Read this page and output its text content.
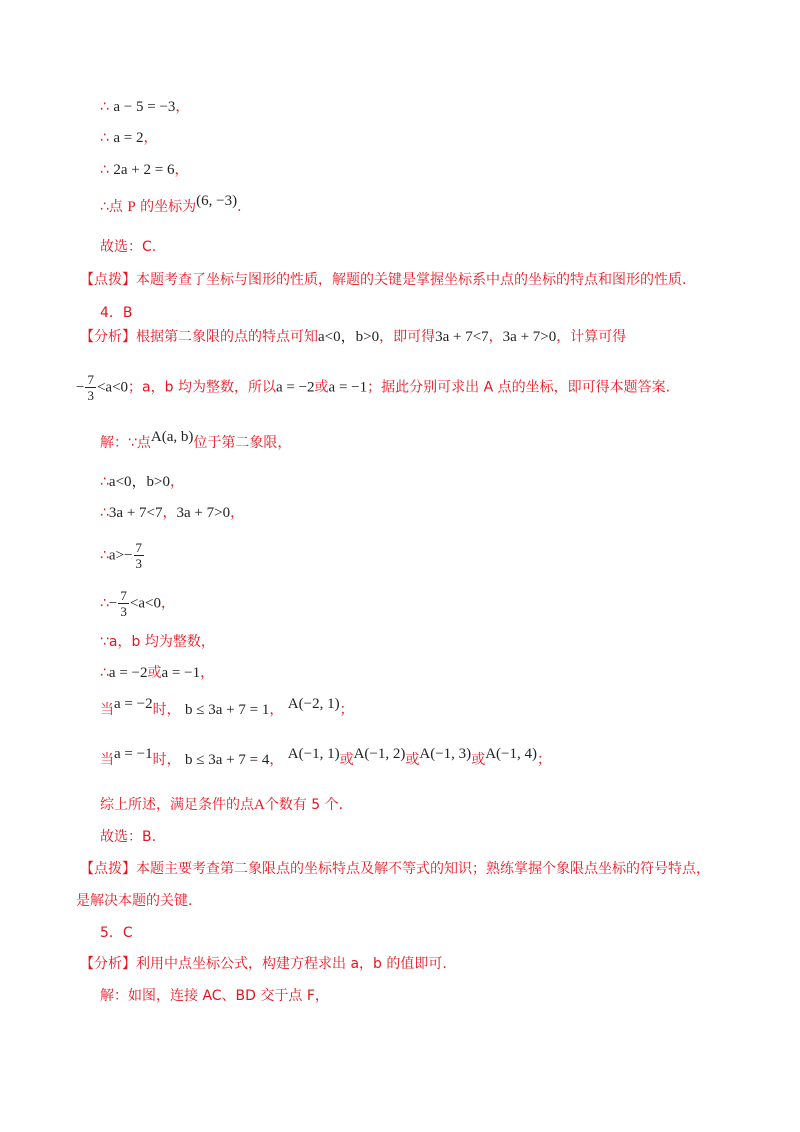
∴ a − 5 = −3，
∴ a = 2，
∴ 2a + 2 = 6，
∴点 P 的坐标为(6, −3).
故选：C.
【点拨】本题考查了坐标与图形的性质，解题的关键是掌握坐标系中点的坐标的特点和图形的性质.
4．B
【分析】根据第二象限的点的特点可知a<0，b>0，即可得3a + 7<7，3a + 7>0，计算可得
− $\frac{7}{3} <a<0$；a，b 均为整数，所以a = −2或a = −1；据此分别可求出 A 点的坐标，即可得本题答案.
解：∵点A(a, b)位于第二象限，
∴a<0，b>0，
∴3a + 7<7，3a + 7>0，
∴a>− $\frac{7}{3}$
∴− $\frac{7}{3} <a<0$，
∵a，b 均为整数，
∴a = −2或a = −1，
当a = −2时， b ≤ 3a + 7 = 1， A(−2, 1)；
当a = −1时， b ≤ 3a + 7 = 4， A(−1, 1)或A(−1, 2)或A(−1, 3)或A(−1, 4)；
综上所述，满足条件的点A个数有 5 个.
故选：B.
【点拨】本题主要考查第二象限点的坐标特点及解不等式的知识；熟练掌握个象限点坐标的符号特点，
是解决本题的关键.
5．C
【分析】利用中点坐标公式，构建方程求出 a，b 的值即可.
解：如图，连接 AC、BD 交于点 F，
